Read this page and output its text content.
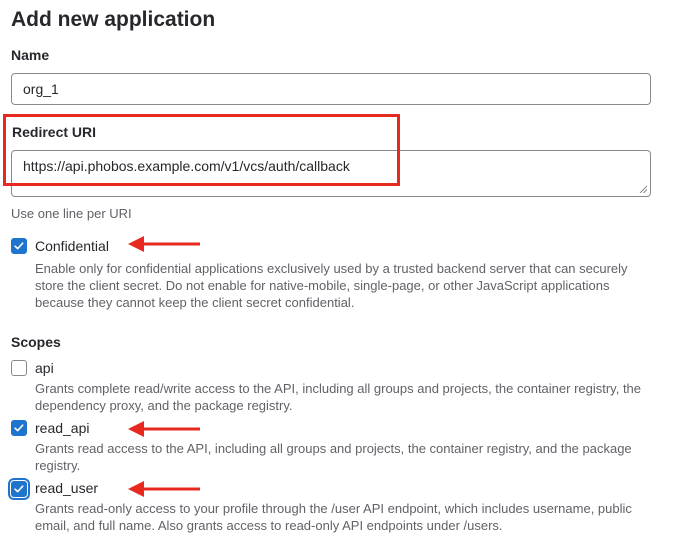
Add new application
Name
org_1
Redirect URI
https://api.phobos.example.com/v1/vcs/auth/callback
Use one line per URI
Confidential
Enable only for confidential applications exclusively used by a trusted backend server that can securely store the client secret. Do not enable for native-mobile, single-page, or other JavaScript applications because they cannot keep the client secret confidential.
Scopes
api
Grants complete read/write access to the API, including all groups and projects, the container registry, the dependency proxy, and the package registry.
read_api
Grants read access to the API, including all groups and projects, the container registry, and the package registry.
read_user
Grants read-only access to your profile through the /user API endpoint, which includes username, public email, and full name. Also grants access to read-only API endpoints under /users.
